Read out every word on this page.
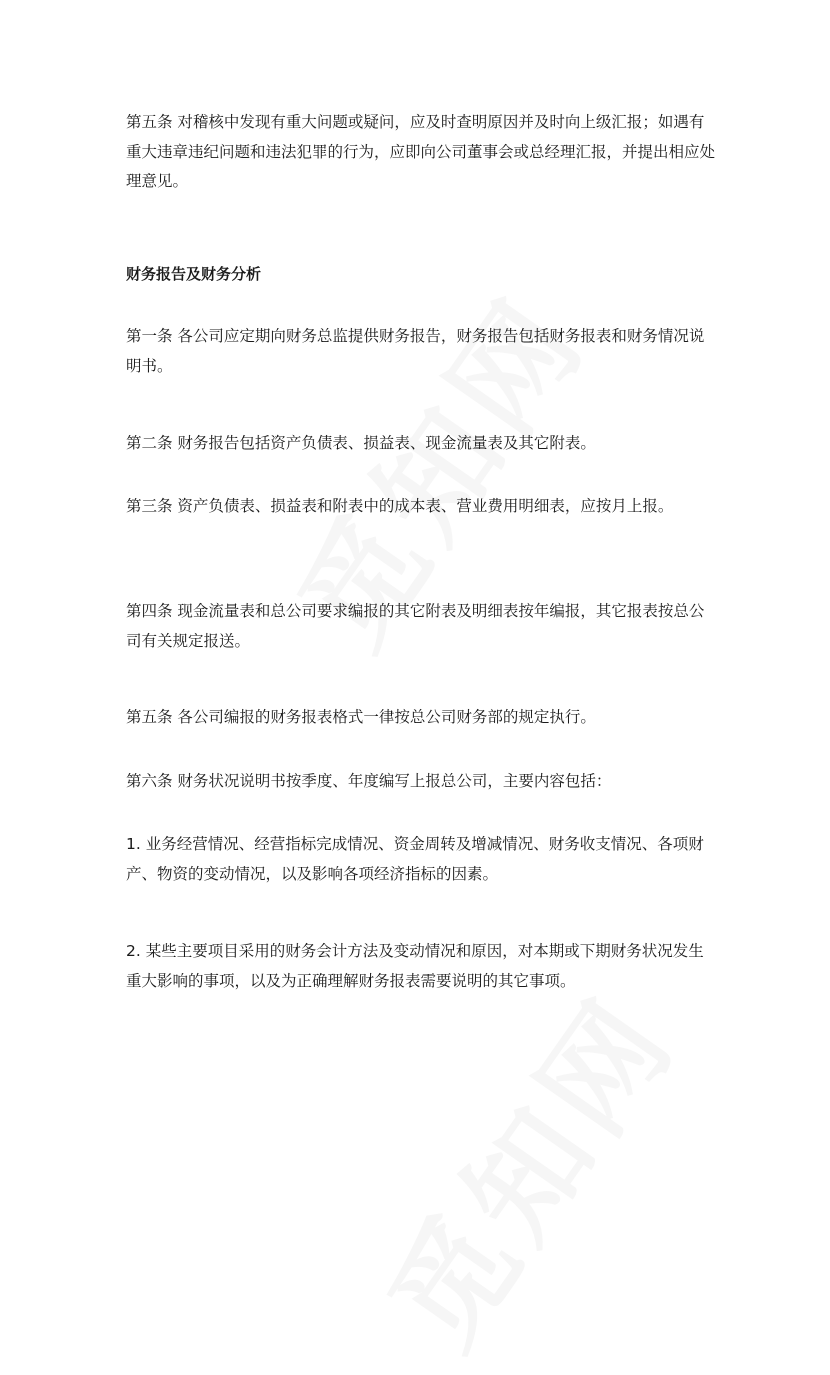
第五条 对稽核中发现有重大问题或疑问，应及时查明原因并及时向上级汇报；如遇有重大违章违纪问题和违法犯罪的行为，应即向公司董事会或总经理汇报，并提出相应处理意见。

财务报告及财务分析

第一条 各公司应定期向财务总监提供财务报告，财务报告包括财务报表和财务情况说明书。

第二条 财务报告包括资产负债表、损益表、现金流量表及其它附表。

第三条 资产负债表、损益表和附表中的成本表、营业费用明细表，应按月上报。

第四条 现金流量表和总公司要求编报的其它附表及明细表按年编报，其它报表按总公司有关规定报送。

第五条 各公司编报的财务报表格式一律按总公司财务部的规定执行。

第六条 财务状况说明书按季度、年度编写上报总公司，主要内容包括：

1. 业务经营情况、经营指标完成情况、资金周转及增减情况、财务收支情况、各项财产、物资的变动情况，以及影响各项经济指标的因素。

2. 某些主要项目采用的财务会计方法及变动情况和原因，对本期或下期财务状况发生重大影响的事项，以及为正确理解财务报表需要说明的其它事项。
